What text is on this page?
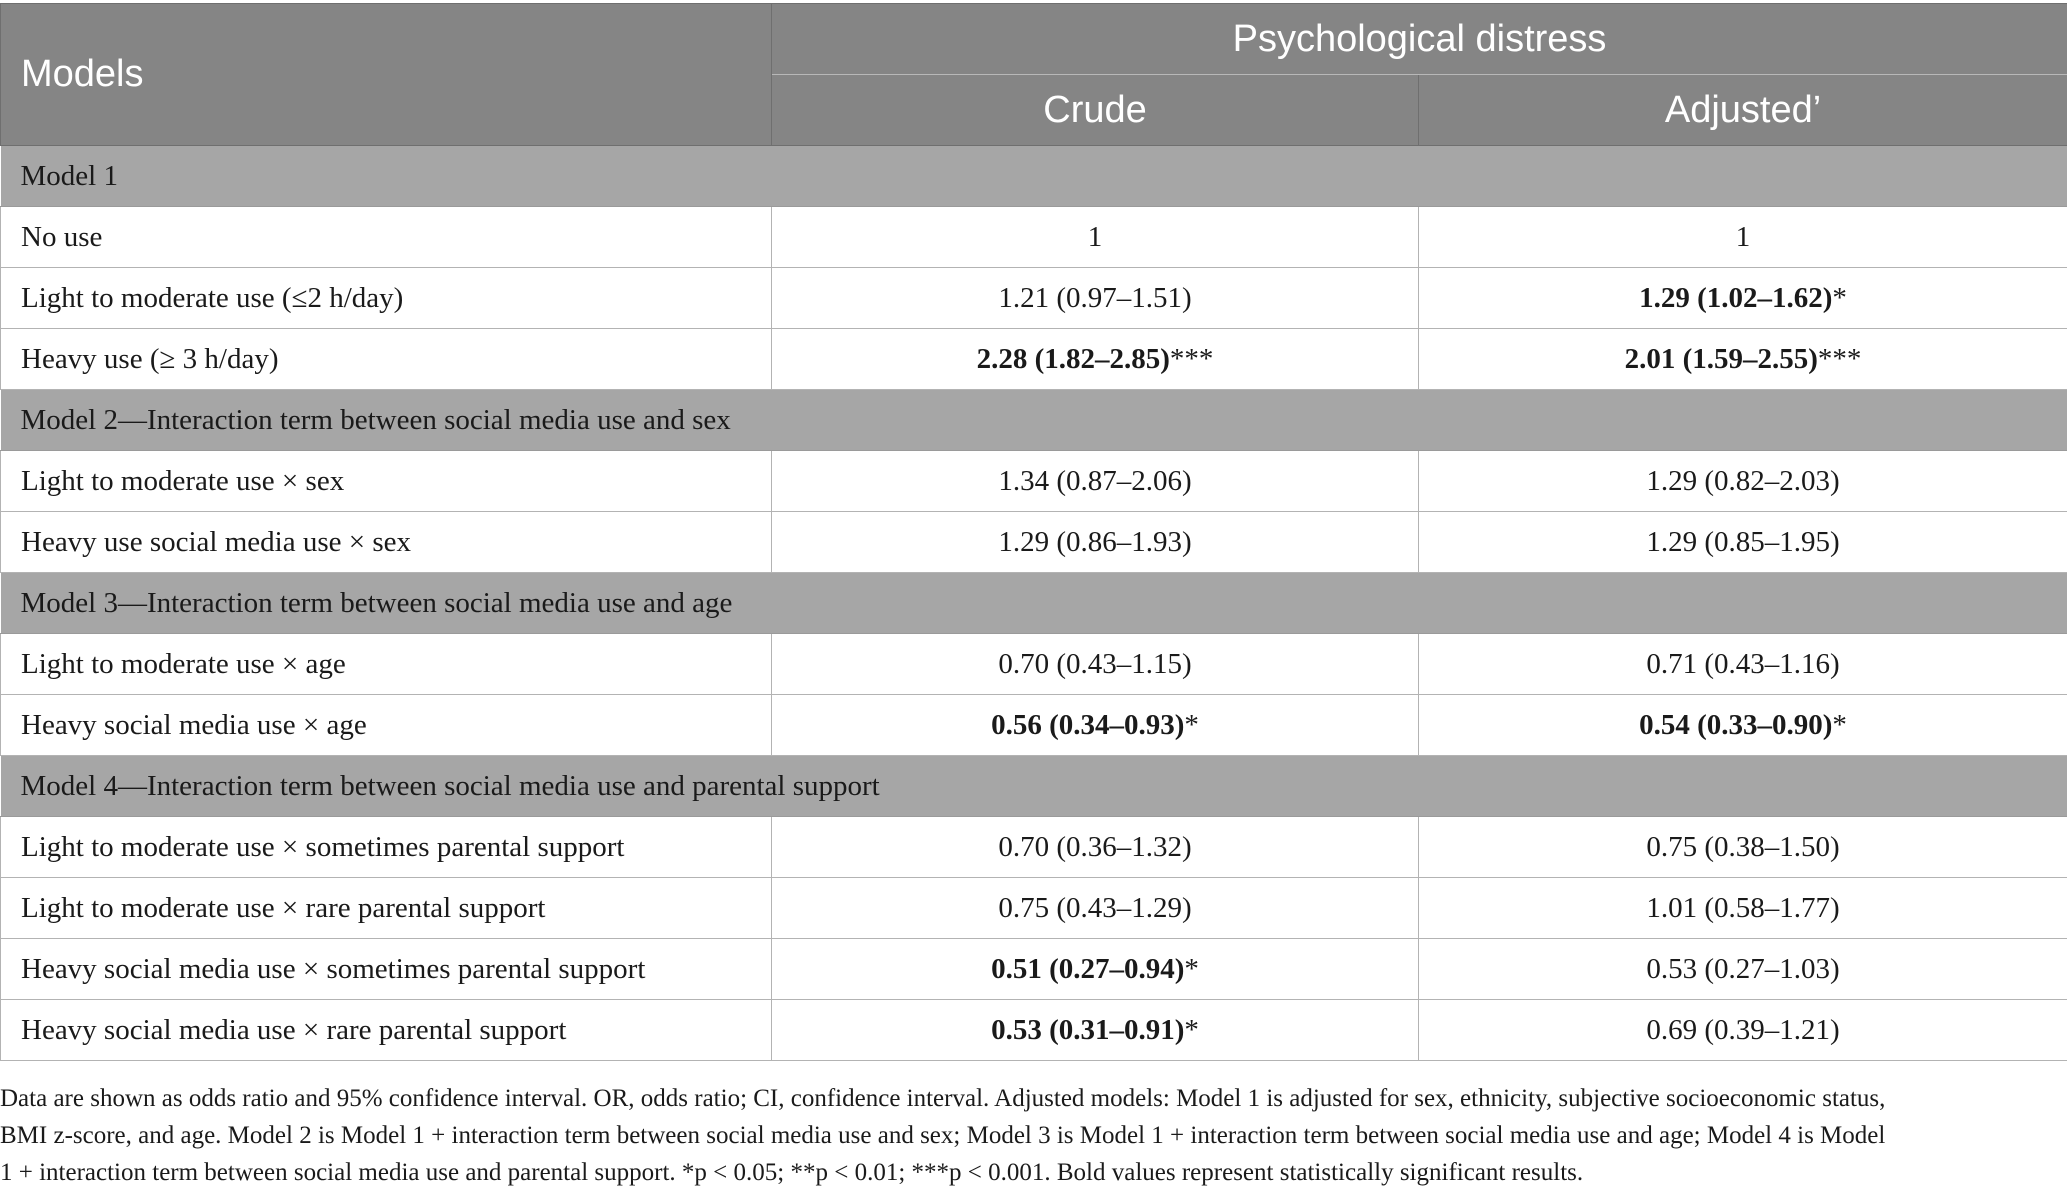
Models	Psychological distress	
	Crude	Adjusted’
Model 1		
No use	1	1
Light to moderate use (≤2 h/day)	1.21 (0.97–1.51)	1.29 (1.02–1.62)*
Heavy use (≥ 3 h/day)	2.28 (1.82–2.85)***	2.01 (1.59–2.55)***
Model 2—Interaction term between social media use and sex		
Light to moderate use × sex	1.34 (0.87–2.06)	1.29 (0.82–2.03)
Heavy use social media use × sex	1.29 (0.86–1.93)	1.29 (0.85–1.95)
Model 3—Interaction term between social media use and age		
Light to moderate use × age	0.70 (0.43–1.15)	0.71 (0.43–1.16)
Heavy social media use × age	0.56 (0.34–0.93)*	0.54 (0.33–0.90)*
Model 4—Interaction term between social media use and parental support		
Light to moderate use × sometimes parental support	0.70 (0.36–1.32)	0.75 (0.38–1.50)
Light to moderate use × rare parental support	0.75 (0.43–1.29)	1.01 (0.58–1.77)
Heavy social media use × sometimes parental support	0.51 (0.27–0.94)*	0.53 (0.27–1.03)
Heavy social media use × rare parental support	0.53 (0.31–0.91)*	0.69 (0.39–1.21)
Data are shown as odds ratio and 95% confidence interval. OR, odds ratio; CI, confidence interval. Adjusted models: Model 1 is adjusted for sex, ethnicity, subjective socioeconomic status,
BMI z-score, and age. Model 2 is Model 1 + interaction term between social media use and sex; Model 3 is Model 1 + interaction term between social media use and age; Model 4 is Model
1 + interaction term between social media use and parental support. *p < 0.05; **p < 0.01; ***p < 0.001. Bold values represent statistically significant results.
